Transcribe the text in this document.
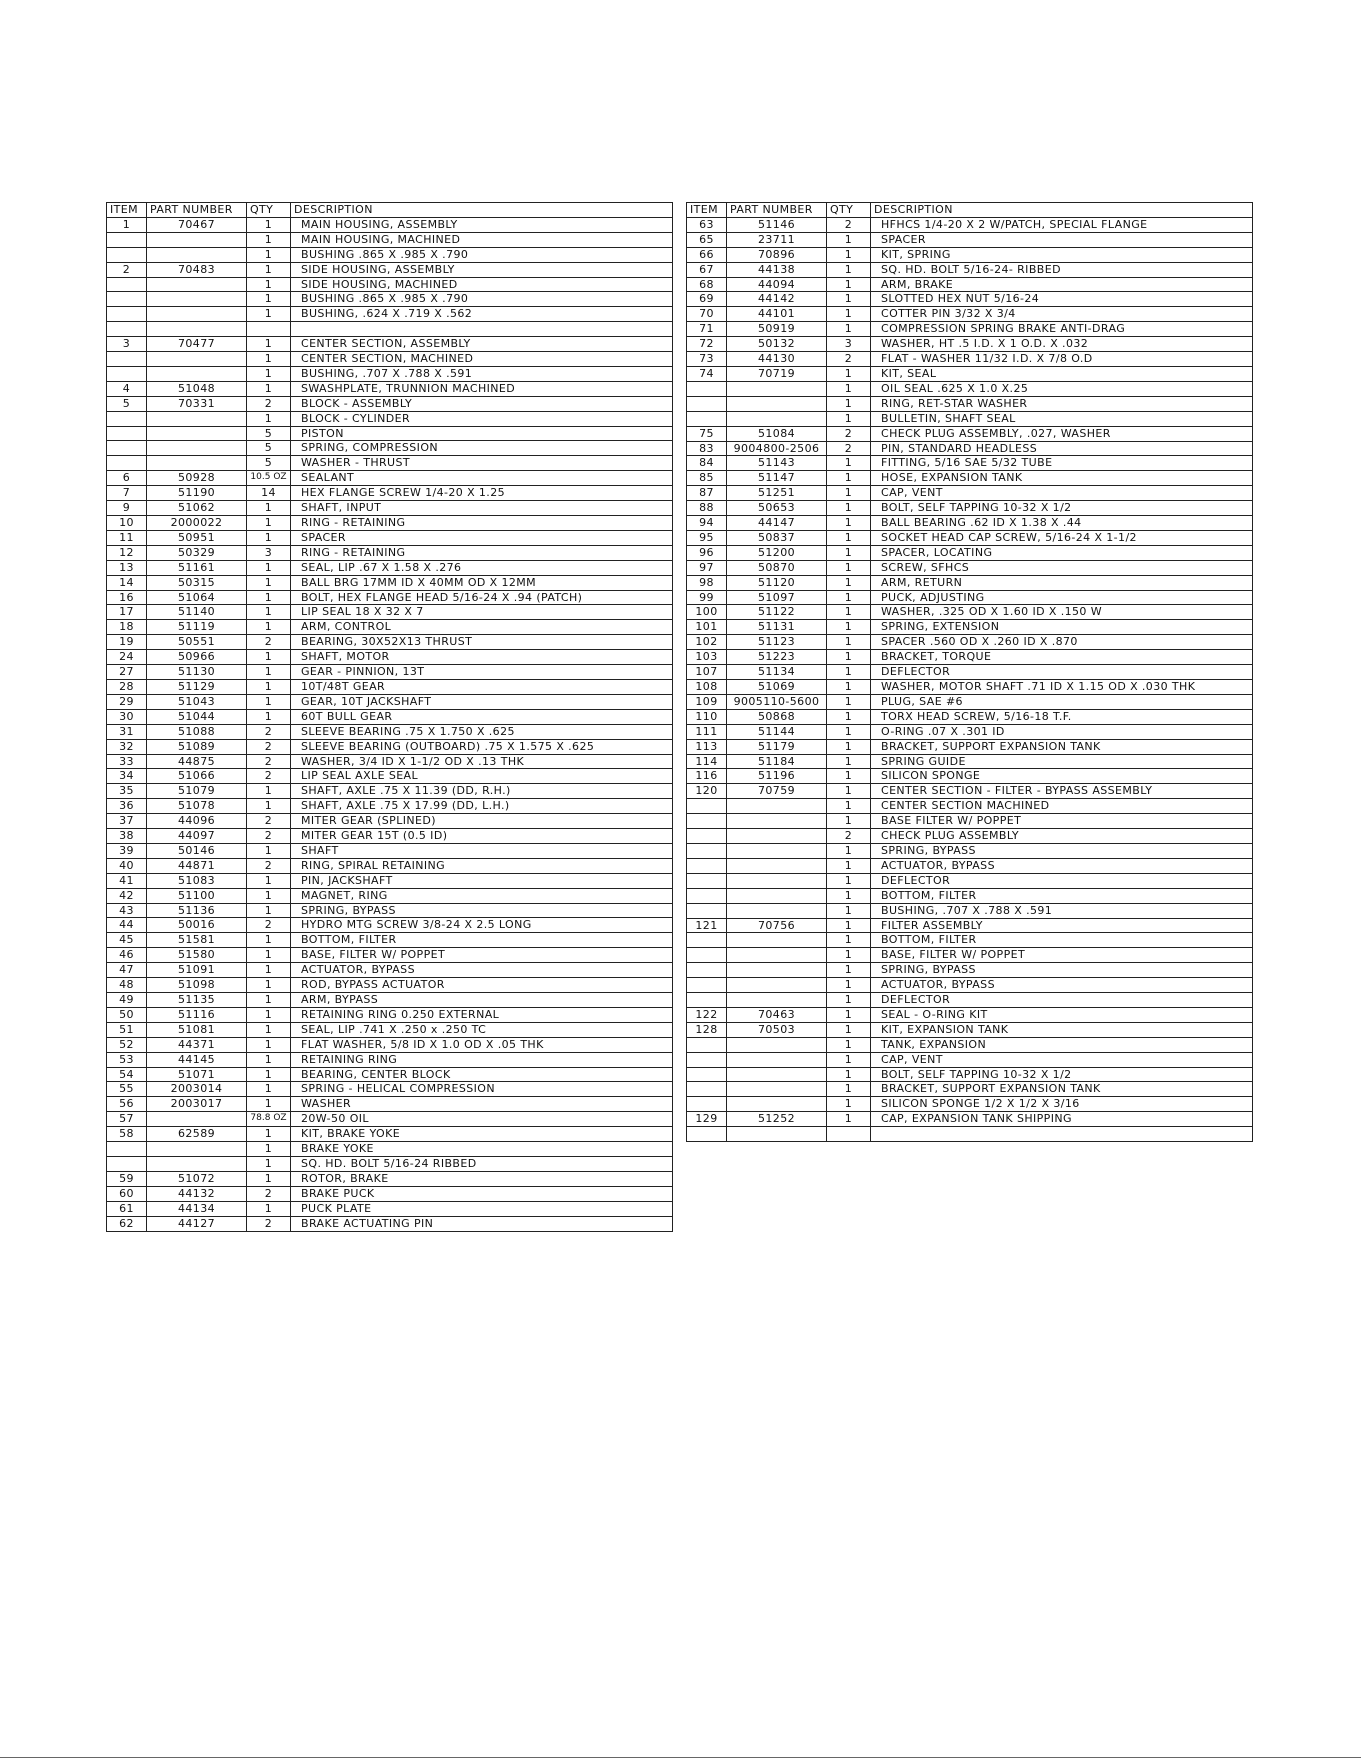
ITEM	PART NUMBER	QTY	DESCRIPTION
1	70467	1	MAIN HOUSING, ASSEMBLY
		1	MAIN HOUSING, MACHINED
		1	BUSHING .865 X .985 X .790
2	70483	1	SIDE HOUSING, ASSEMBLY
		1	SIDE HOUSING, MACHINED
		1	BUSHING .865 X .985 X .790
		1	BUSHING, .624 X .719 X .562

3	70477	1	CENTER SECTION, ASSEMBLY
		1	CENTER SECTION, MACHINED
		1	BUSHING, .707 X .788 X .591
4	51048	1	SWASHPLATE, TRUNNION MACHINED
5	70331	2	BLOCK - ASSEMBLY
		1	BLOCK - CYLINDER
		5	PISTON
		5	SPRING, COMPRESSION
		5	WASHER - THRUST
6	50928	10.5 OZ	SEALANT
7	51190	14	HEX FLANGE SCREW 1/4-20 X 1.25
9	51062	1	SHAFT, INPUT
10	2000022	1	RING - RETAINING
11	50951	1	SPACER
12	50329	3	RING - RETAINING
13	51161	1	SEAL, LIP .67 X 1.58 X .276
14	50315	1	BALL BRG 17MM ID X 40MM OD X 12MM
16	51064	1	BOLT, HEX FLANGE HEAD 5/16-24 X .94 (PATCH)
17	51140	1	LIP SEAL 18 X 32 X 7
18	51119	1	ARM, CONTROL
19	50551	2	BEARING, 30X52X13 THRUST
24	50966	1	SHAFT, MOTOR
27	51130	1	GEAR - PINNION, 13T
28	51129	1	10T/48T GEAR
29	51043	1	GEAR, 10T JACKSHAFT
30	51044	1	60T BULL GEAR
31	51088	2	SLEEVE BEARING .75 X 1.750 X .625
32	51089	2	SLEEVE BEARING (OUTBOARD) .75 X 1.575 X .625
33	44875	2	WASHER, 3/4 ID X 1-1/2 OD X .13 THK
34	51066	2	LIP SEAL AXLE SEAL
35	51079	1	SHAFT, AXLE .75 X 11.39 (DD, R.H.)
36	51078	1	SHAFT, AXLE .75 X 17.99 (DD, L.H.)
37	44096	2	MITER GEAR (SPLINED)
38	44097	2	MITER GEAR 15T (0.5 ID)
39	50146	1	SHAFT
40	44871	2	RING, SPIRAL RETAINING
41	51083	1	PIN, JACKSHAFT
42	51100	1	MAGNET, RING
43	51136	1	SPRING, BYPASS
44	50016	2	HYDRO MTG SCREW 3/8-24 X 2.5 LONG
45	51581	1	BOTTOM, FILTER
46	51580	1	BASE, FILTER W/ POPPET
47	51091	1	ACTUATOR, BYPASS
48	51098	1	ROD, BYPASS ACTUATOR
49	51135	1	ARM, BYPASS
50	51116	1	RETAINING RING 0.250 EXTERNAL
51	51081	1	SEAL, LIP .741 X .250 x .250 TC
52	44371	1	FLAT WASHER, 5/8 ID X 1.0 OD X .05 THK
53	44145	1	RETAINING RING
54	51071	1	BEARING, CENTER BLOCK
55	2003014	1	SPRING - HELICAL COMPRESSION
56	2003017	1	WASHER
57		78.8 OZ	20W-50 OIL
58	62589	1	KIT, BRAKE YOKE
		1	BRAKE YOKE
		1	SQ. HD. BOLT 5/16-24 RIBBED
59	51072	1	ROTOR, BRAKE
60	44132	2	BRAKE PUCK
61	44134	1	PUCK PLATE
62	44127	2	BRAKE ACTUATING PIN
ITEM	PART NUMBER	QTY	DESCRIPTION
63	51146	2	HFHCS 1/4-20 X 2 W/PATCH, SPECIAL FLANGE
65	23711	1	SPACER
66	70896	1	KIT, SPRING
67	44138	1	SQ. HD. BOLT 5/16-24- RIBBED
68	44094	1	ARM, BRAKE
69	44142	1	SLOTTED HEX NUT 5/16-24
70	44101	1	COTTER PIN 3/32 X 3/4
71	50919	1	COMPRESSION SPRING BRAKE ANTI-DRAG
72	50132	3	WASHER, HT .5 I.D. X 1 O.D. X .032
73	44130	2	FLAT - WASHER 11/32 I.D. X 7/8 O.D
74	70719	1	KIT, SEAL
		1	OIL SEAL .625 X 1.0 X.25
		1	RING, RET-STAR WASHER
		1	BULLETIN, SHAFT SEAL
75	51084	2	CHECK PLUG ASSEMBLY, .027, WASHER
83	9004800-2506	2	PIN, STANDARD HEADLESS
84	51143	1	FITTING, 5/16 SAE 5/32 TUBE
85	51147	1	HOSE, EXPANSION TANK
87	51251	1	CAP, VENT
88	50653	1	BOLT, SELF TAPPING 10-32 X 1/2
94	44147	1	BALL BEARING .62 ID X 1.38 X .44
95	50837	1	SOCKET HEAD CAP SCREW, 5/16-24 X 1-1/2
96	51200	1	SPACER, LOCATING
97	50870	1	SCREW, SFHCS
98	51120	1	ARM, RETURN
99	51097	1	PUCK, ADJUSTING
100	51122	1	WASHER, .325 OD X 1.60 ID X .150 W
101	51131	1	SPRING, EXTENSION
102	51123	1	SPACER .560 OD X .260 ID X .870
103	51223	1	BRACKET, TORQUE
107	51134	1	DEFLECTOR
108	51069	1	WASHER, MOTOR SHAFT .71 ID X 1.15 OD X .030 THK
109	9005110-5600	1	PLUG, SAE #6
110	50868	1	TORX HEAD SCREW, 5/16-18 T.F.
111	51144	1	O-RING .07 X .301 ID
113	51179	1	BRACKET, SUPPORT EXPANSION TANK
114	51184	1	SPRING GUIDE
116	51196	1	SILICON SPONGE
120	70759	1	CENTER SECTION - FILTER - BYPASS ASSEMBLY
		1	CENTER SECTION MACHINED
		1	BASE FILTER W/ POPPET
		2	CHECK PLUG ASSEMBLY
		1	SPRING, BYPASS
		1	ACTUATOR, BYPASS
		1	DEFLECTOR
		1	BOTTOM, FILTER
		1	BUSHING, .707 X .788 X .591
121	70756	1	FILTER ASSEMBLY
		1	BOTTOM, FILTER
		1	BASE, FILTER W/ POPPET
		1	SPRING, BYPASS
		1	ACTUATOR, BYPASS
		1	DEFLECTOR
122	70463	1	SEAL - O-RING KIT
128	70503	1	KIT, EXPANSION TANK
		1	TANK, EXPANSION
		1	CAP, VENT
		1	BOLT, SELF TAPPING 10-32 X 1/2
		1	BRACKET, SUPPORT EXPANSION TANK
		1	SILICON SPONGE 1/2 X 1/2 X 3/16
129	51252	1	CAP, EXPANSION TANK SHIPPING
